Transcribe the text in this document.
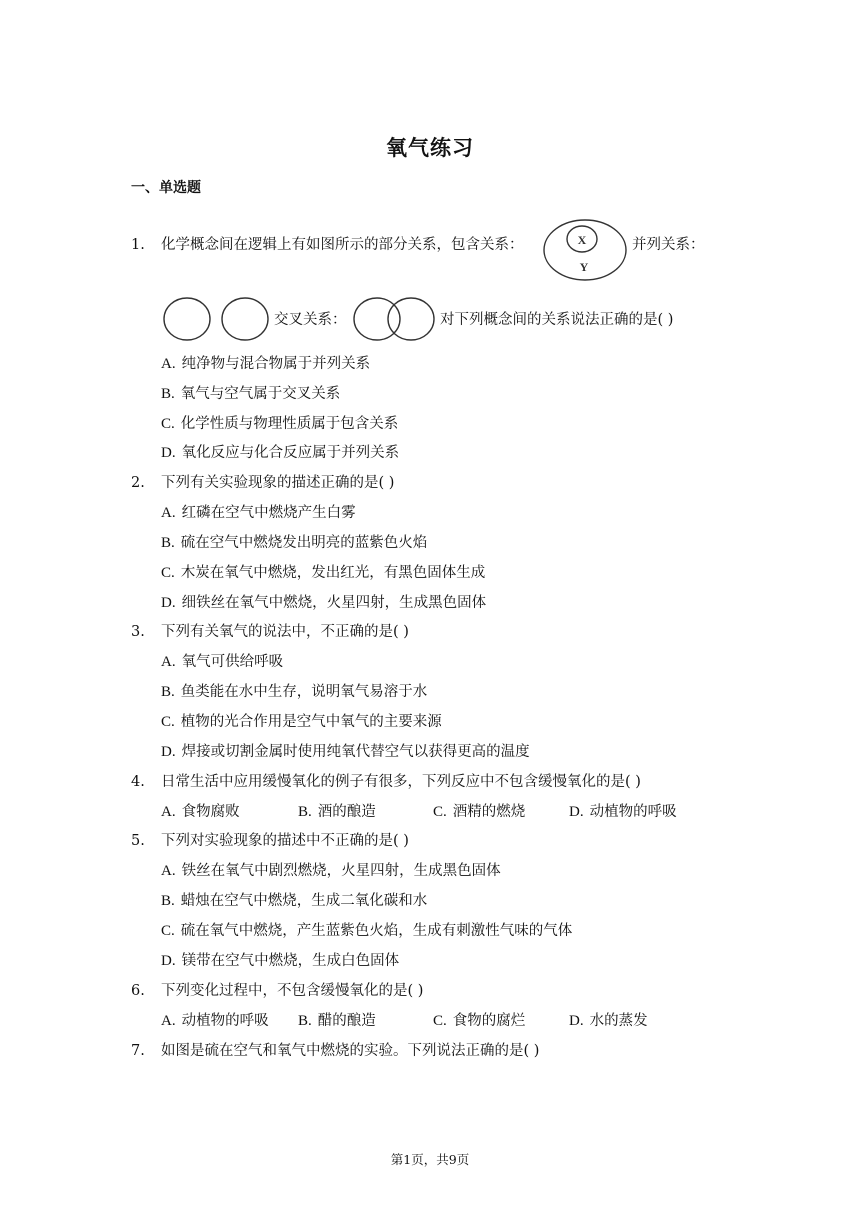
氧气练习
一、单选题
1. 化学概念间在逻辑上有如图所示的部分关系，包含关系：	X
Y
并列关系：
交叉关系：	对下列概念间的关系说法正确的是( )
A. 纯净物与混合物属于并列关系
B. 氧气与空气属于交叉关系
C. 化学性质与物理性质属于包含关系
D. 氧化反应与化合反应属于并列关系
2. 下列有关实验现象的描述正确的是( )
A. 红磷在空气中燃烧产生白雾
B. 硫在空气中燃烧发出明亮的蓝紫色火焰
C. 木炭在氧气中燃烧，发出红光，有黑色固体生成
D. 细铁丝在氧气中燃烧，火星四射，生成黑色固体
3. 下列有关氧气的说法中，不正确的是( )
A. 氧气可供给呼吸
B. 鱼类能在水中生存，说明氧气易溶于水
C. 植物的光合作用是空气中氧气的主要来源
D. 焊接或切割金属时使用纯氧代替空气以获得更高的温度
4. 日常生活中应用缓慢氧化的例子有很多，下列反应中不包含缓慢氧化的是( )
A. 食物腐败	B. 酒的酿造	C. 酒精的燃烧	D. 动植物的呼吸
5. 下列对实验现象的描述中不正确的是( )
A. 铁丝在氧气中剧烈燃烧，火星四射，生成黑色固体
B. 蜡烛在空气中燃烧，生成二氧化碳和水
C. 硫在氧气中燃烧，产生蓝紫色火焰，生成有刺激性气味的气体
D. 镁带在空气中燃烧，生成白色固体
6. 下列变化过程中，不包含缓慢氧化的是( )
A. 动植物的呼吸 B. 醋的酿造	C. 食物的腐烂	D. 水的蒸发
7. 如图是硫在空气和氧气中燃烧的实验。下列说法正确的是( )
第1页，共9页
